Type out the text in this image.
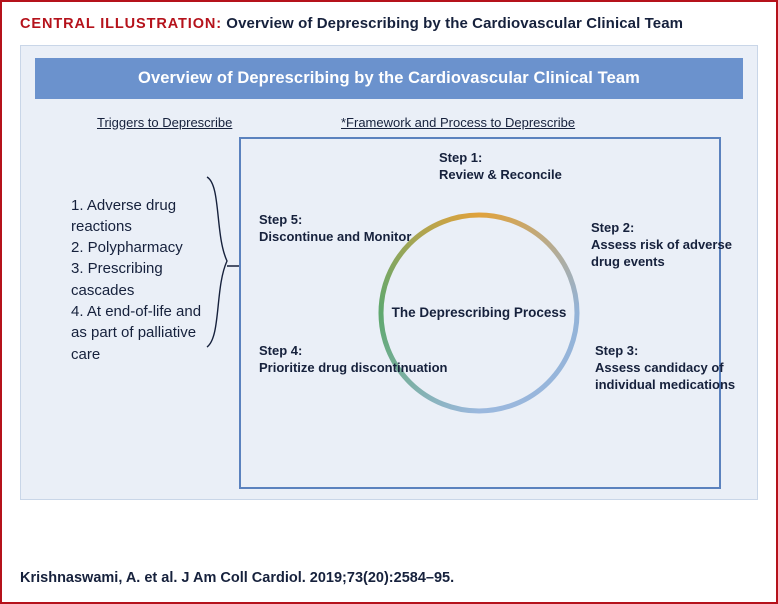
CENTRAL ILLUSTRATION: Overview of Deprescribing by the Cardiovascular Clinical Team
Overview of Deprescribing by the Cardiovascular Clinical Team
Triggers to Deprescribe	*Framework and Process to Deprescribe
1. Adverse drug reactions
2. Polypharmacy
3. Prescribing cascades
4. At end-of-life and as part of palliative care
The Deprescribing Process
Step 1:
Review & Reconcile
Step 2:
Assess risk of adverse drug events
Step 3:
Assess candidacy of individual medications
Step 4:
Prioritize drug discontinuation
Step 5:
Discontinue and Monitor
Krishnaswami, A. et al. J Am Coll Cardiol. 2019;73(20):2584–95.
